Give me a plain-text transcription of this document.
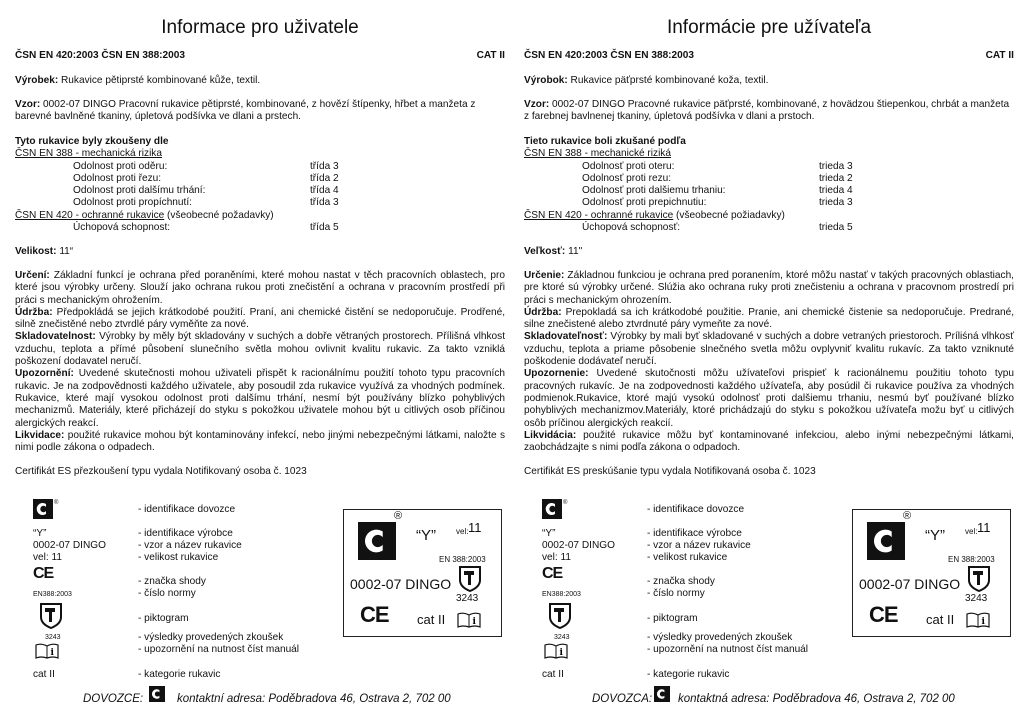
Informace pro uživatele
ČSN EN 420:2003 ČSN EN 388:2003	CAT II
Výrobek: Rukavice pětiprsté kombinované kůže, textil.
Vzor: 0002-07 DINGO Pracovní rukavice pětiprsté, kombinované, z hovězí štípenky, hřbet a manžeta z barevné bavlněné tkaniny, úpletová podšívka ve dlani a prstech.
Tyto rukavice byly zkoušeny dle
ČSN EN 388 - mechanická rizika
Odolnost proti oděru:	třída 3
Odolnost proti řezu:	třída 2
Odolnost proti dalšímu trhání:	třída 4
Odolnost proti propíchnutí:	třída 3
ČSN EN 420 - ochranné rukavice (všeobecné požadavky)
Úchopová schopnost:	třída 5
Velikost: 11“
Určení: Základní funkcí je ochrana před poraněními, které mohou nastat v těch pracovních oblastech, pro které jsou výrobky určeny. Slouží jako ochrana rukou proti znečistění a ochrana v pracovním prostředí při práci s mechanickým ohrožením.
Údržba: Předpokládá se jejich krátkodobé použití. Praní, ani chemické čistění se nedoporučuje. Prodřené, silně znečistěné nebo ztvrdlé páry vyměňte za nové.
Skladovatelnost: Výrobky by měly být skladovány v suchých a dobře větraných prostorech. Přílišná vlhkost vzduchu, teplota a přímé působení slunečního světla mohou ovlivnit kvalitu rukavic. Za takto vzniklá poškození dodavatel neručí.
Upozornění: Uvedené skutečnosti mohou uživateli přispět k racionálnímu použití tohoto typu pracovních rukavic. Je na zodpovědnosti každého uživatele, aby posoudil zda rukavice využívá za vhodných podmínek. Rukavice, které mají vysokou odolnost proti dalšímu trhání, nesmí být používány blízko pohyblivých mechanizmů. Materiály, které přicházejí do styku s pokožkou uživatele mohou být u citlivých osob příčinou alergických reakcí.
Likvidace: použité rukavice mohou být kontaminovány infekcí, nebo jinými nebezpečnými látkami, naložte s nimi podle zákona o odpadech.
Certifikát ES přezkoušení typu vydala Notifikovaný osoba č. 1023
®
- identifikace dovozce
“Y”	- identifikace výrobce
0002-07 DINGO	- vzor a název rukavice
vel: 11	- velikost rukavice
CE	- značka shody
EN388:2003	- číslo normy
- piktogram
3243	- výsledky provedených zkoušek
i	- upozornění na nutnost číst manuál
cat II	- kategorie rukavic
®
“Y”	vel: 11
EN 388:2003
0002-07 DINGO
3243
CE cat II	i
DOVOZCE:	kontaktní adresa: Poděbradova 46, Ostrava 2, 702 00
Informácie pre užívateľa
ČSN EN 420:2003 ČSN EN 388:2003	CAT II
Výrobok: Rukavice päťprsté kombinované koža, textil.
Vzor: 0002-07 DINGO Pracovné rukavice päťprsté, kombinované, z hovädzou štiepenkou, chrbát a manžeta z farebnej bavlnenej tkaniny, úpletová podšívka v dlani a prstoch.
Tieto rukavice boli zkušané podľa
ČSN EN 388 - mechanické riziká
Odolnosť proti oteru:	trieda 3
Odolnosť proti rezu:	trieda 2
Odolnosť proti dalšiemu trhaniu:	trieda 4
Odolnosť proti prepichnutiu:	trieda 3
ČSN EN 420 - ochranné rukavice (všeobecné požiadavky)
Úchopová schopnosť:	trieda 5
Veľkosť: 11"
Určenie: Základnou funkciou je ochrana pred poranením, ktoré môžu nastať v takých pracovných oblastiach, pre ktoré sú výrobky určené. Slúžia ako ochrana ruky proti znečisteniu a ochrana v pracovnom prostredí pri práci s mechanickým ohrozením.
Údržba: Prepokladá sa ich krátkodobé použitie. Pranie, ani chemické čistenie sa nedoporučuje. Predrané, silne znečistené alebo ztvrdnuté páry vymeňte za nové.
Skladovateľnosť: Výrobky by mali byť skladované v suchých a dobre vetraných priestoroch. Príliśná vlhkosť vzduchu, teplota a priame pôsobenie slnečného svetla môžu ovplyvniť kvalitu rukavíc. Za takto vzniknuté poškodenie dodávateľ neručí.
Upozornenie: Uvedené skutočnosti môžu užívateľovi prispieť k racionálnemu použitiu tohoto typu pracovných rukavíc. Je na zodpovednosti každého užívateľa, aby posúdil či rukavice používa za vhodných podmienok.Rukavice, ktoré majú vysokú odolnosť proti dalšiemu trhaniu, nesmú byť používané blízko pohyblivých mechanizmov.Materiály, ktoré prichádzajú do styku s pokožkou užívateľa možu byť u citlivých osôb príčinou alergických reakcií.
Likvidácia: použité rukavice môžu byť kontaminované infekciou, alebo inými nebezpečnými látkami, zaobchádzajte s nimi podľa zákona o odpadoch.
Certifikát ES preskúšanie typu vydala Notifikovaná osoba č. 1023
®
- identifikace dovozce
“Y”	- identifikace výrobce
0002-07 DINGO	- vzor a název rukavice
vel: 11	- velikost rukavice
CE	- značka shody
EN388:2003	- číslo normy
- piktogram
3243	- výsledky provedených zkoušek
i	- upozornění na nutnost číst manuál
cat II	- kategorie rukavic
®
“Y”	vel: 11
EN 388:2003
0002-07 DINGO
3243
CE cat II	i
DOVOZCA: kontaktná adresa: Poděbradova 46, Ostrava 2, 702 00
